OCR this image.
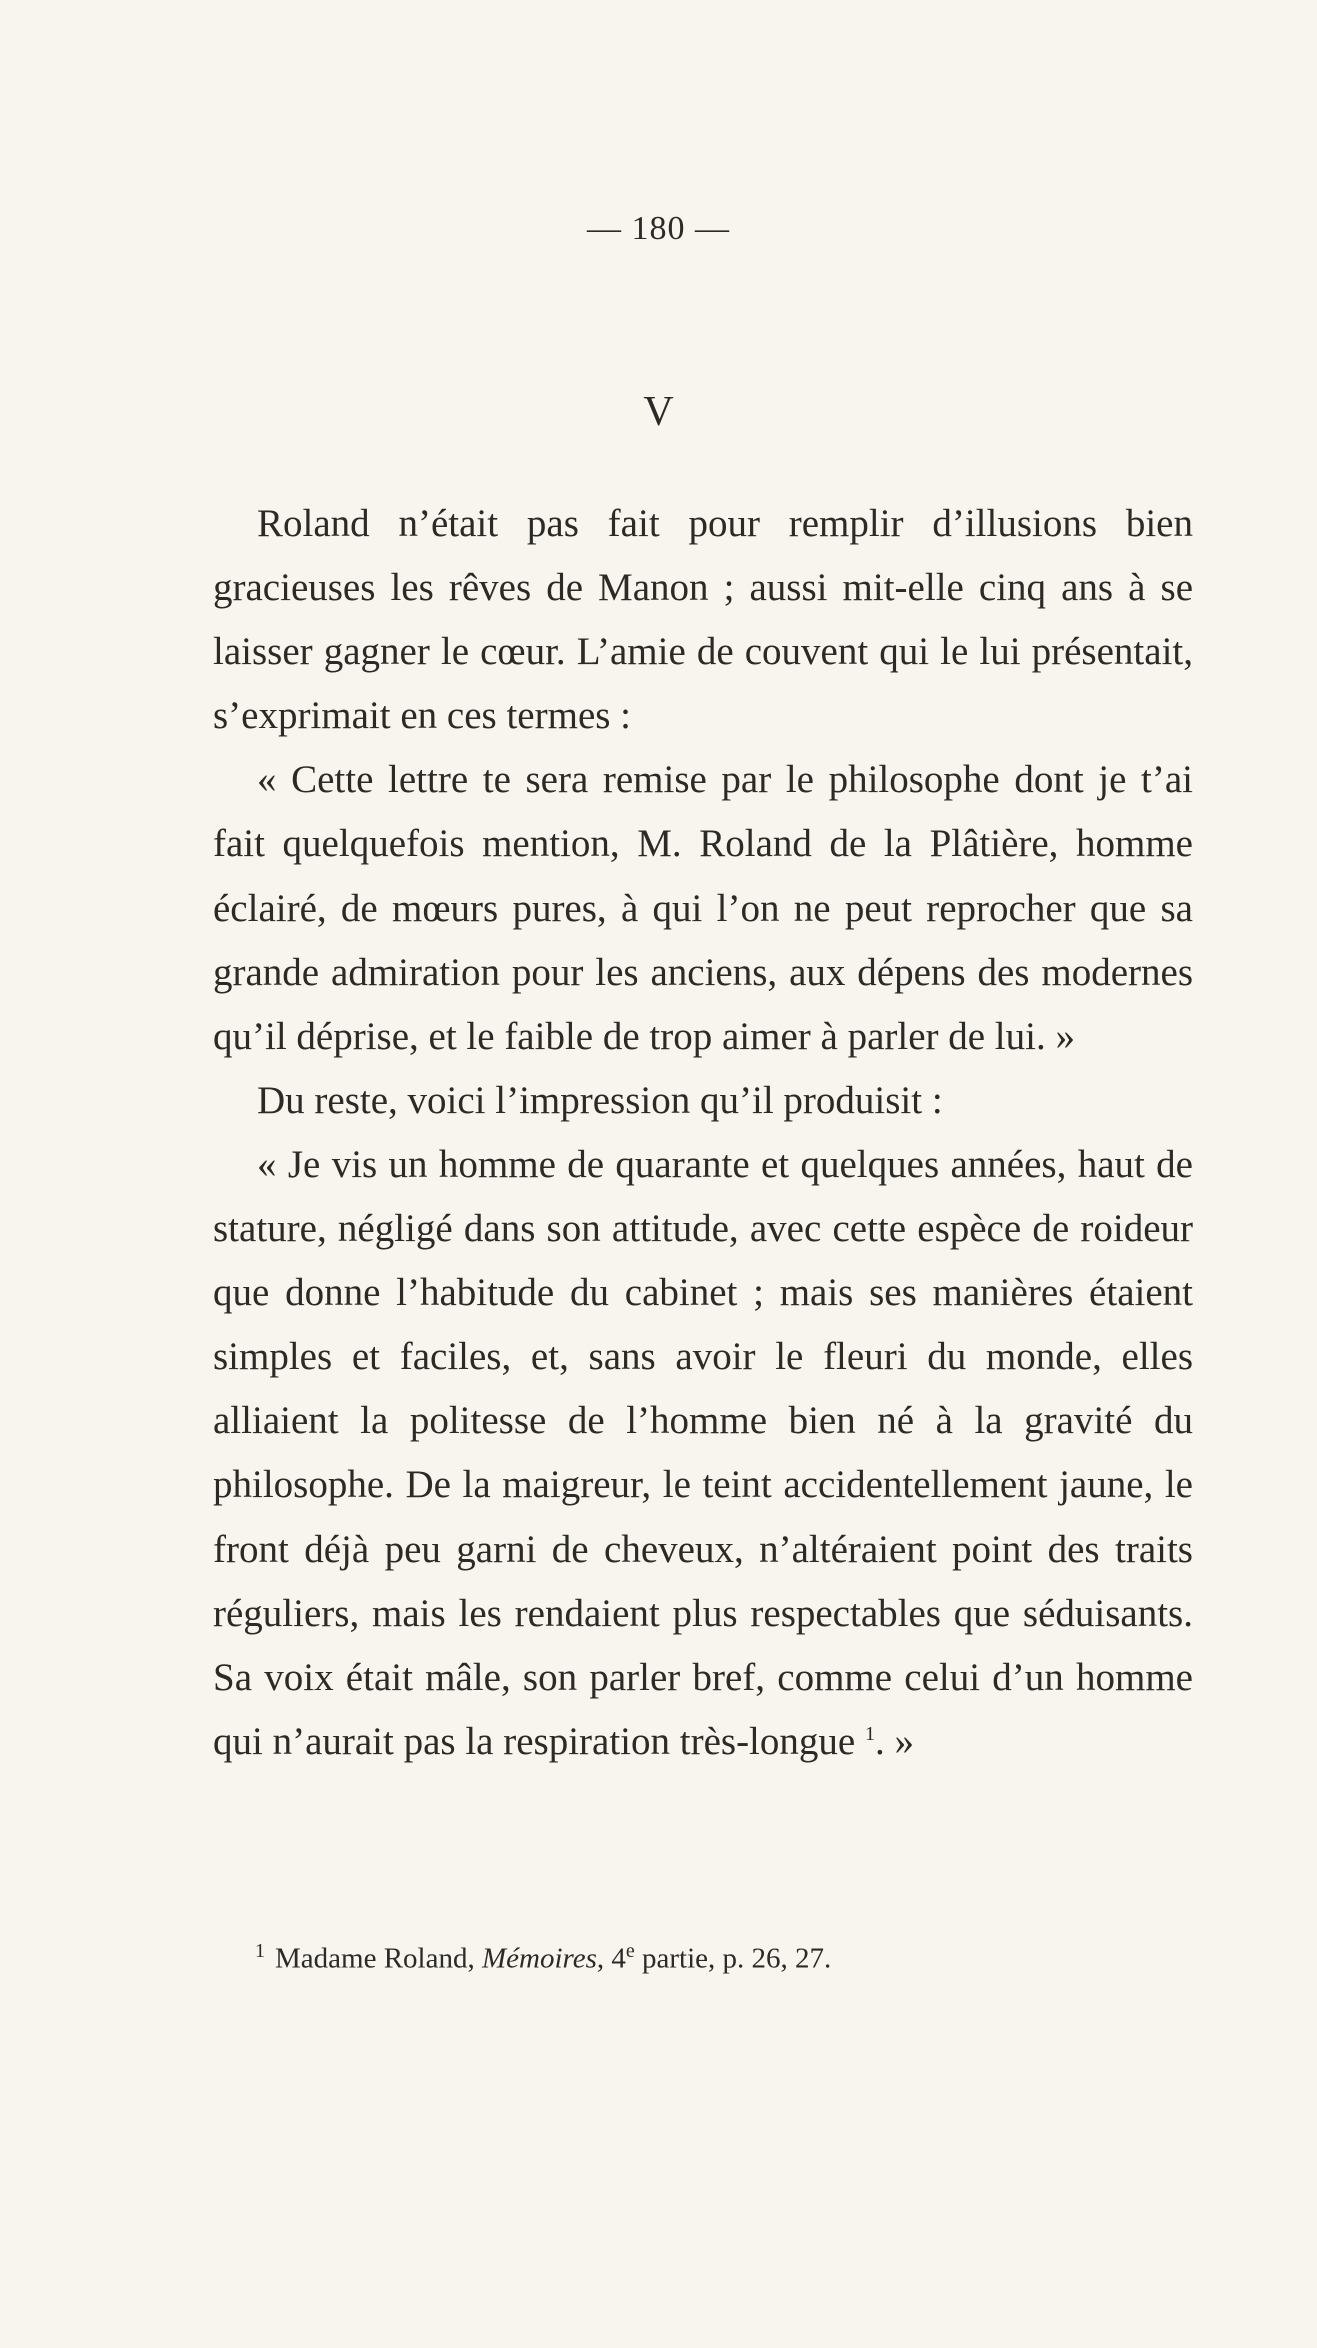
— 180 —
V

Roland n’était pas fait pour remplir d’illusions bien gracieuses les rêves de Manon ; aussi mit-elle cinq ans à se laisser gagner le cœur. L’amie de couvent qui le lui présentait, s’exprimait en ces termes :

« Cette lettre te sera remise par le philosophe dont je t’ai fait quelquefois mention, M. Roland de la Plâtière, homme éclairé, de mœurs pures, à qui l’on ne peut reprocher que sa grande admiration pour les anciens, aux dépens des modernes qu’il déprise, et le faible de trop aimer à parler de lui. »

Du reste, voici l’impression qu’il produisit :

« Je vis un homme de quarante et quelques années, haut de stature, négligé dans son attitude, avec cette espèce de roideur que donne l’habitude du cabinet ; mais ses manières étaient simples et faciles, et, sans avoir le fleuri du monde, elles alliaient la politesse de l’homme bien né à la gravité du philosophe. De la maigreur, le teint accidentellement jaune, le front déjà peu garni de cheveux, n’altéraient point des traits réguliers, mais les rendaient plus respectables que séduisants. Sa voix était mâle, son parler bref, comme celui d’un homme qui n’aurait pas la respiration très-longue $^1$. »

$^1$ Madame Roland, Mémoires, 4e partie, p. 26, 27.
